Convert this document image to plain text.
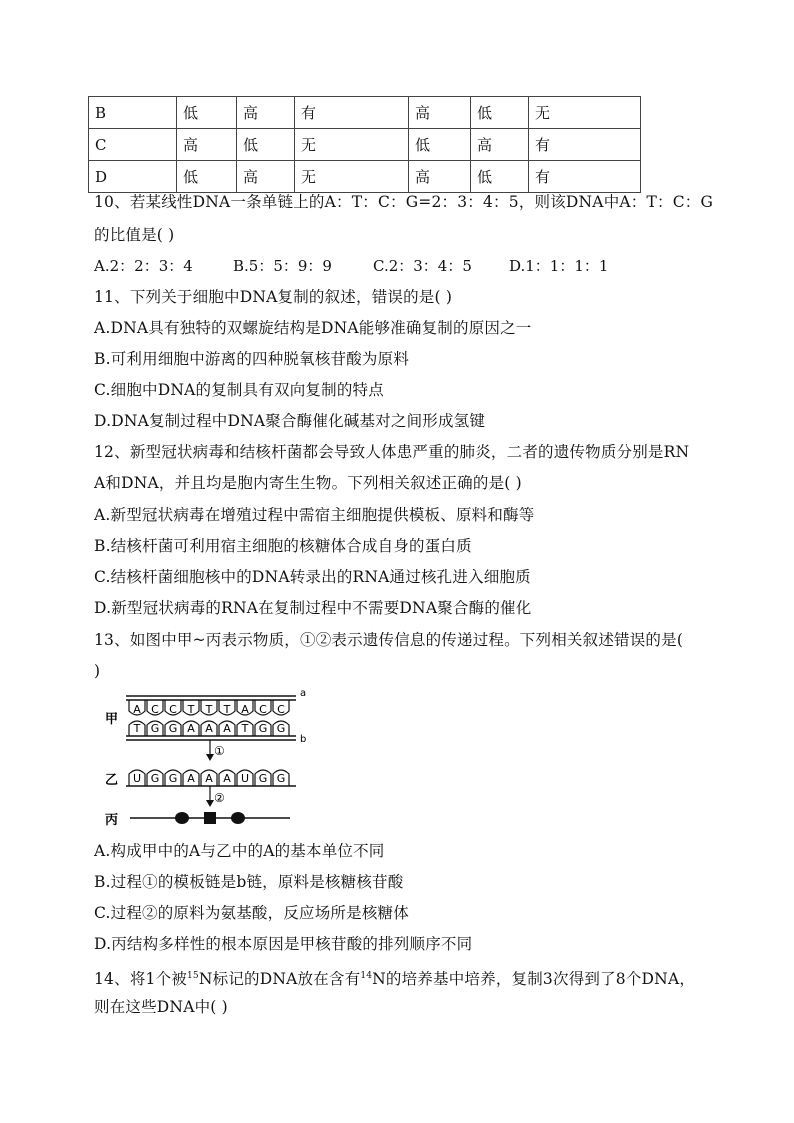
B	低	高	有	高	低	无
C	高	低	无	低	高	有
D	低	高	无	高	低	有
10、若某线性DNA一条单链上的A：T：C：G=2：3：4：5，则该DNA中A：T：C：G
的比值是( )
A.2：2：3：4	B.5：5：9：9	C.2：3：4：5 D.1：1：1：1
11、下列关于细胞中DNA复制的叙述，错误的是( )
A.DNA具有独特的双螺旋结构是DNA能够准确复制的原因之一
B.可利用细胞中游离的四种脱氧核苷酸为原料
C.细胞中DNA的复制具有双向复制的特点
D.DNA复制过程中DNA聚合酶催化碱基对之间形成氢键
12、新型冠状病毒和结核杆菌都会导致人体患严重的肺炎，二者的遗传物质分别是RN
A和DNA，并且均是胞内寄生生物。下列相关叙述正确的是( )
A.新型冠状病毒在增殖过程中需宿主细胞提供模板、原料和酶等
B.结核杆菌可利用宿主细胞的核糖体合成自身的蛋白质
C.结核杆菌细胞核中的DNA转录出的RNA通过核孔进入细胞质
D.新型冠状病毒的RNA在复制过程中不需要DNA聚合酶的催化
13、如图中甲~丙表示物质，①②表示遗传信息的传递过程。下列相关叙述错误的是(
)
A C C T T T A C C
T G G A A A T G G
a
b
甲
①
U G G A A A U G G
乙
②
丙
A.构成甲中的A与乙中的A的基本单位不同
B.过程①的模板链是b链，原料是核糖核苷酸
C.过程②的原料为氨基酸，反应场所是核糖体
D.丙结构多样性的根本原因是甲核苷酸的排列顺序不同
14、将1个被$^{15}$N标记的DNA放在含有$^{14}$N的培养基中培养，复制3次得到了8个DNA，
则在这些DNA中( )
